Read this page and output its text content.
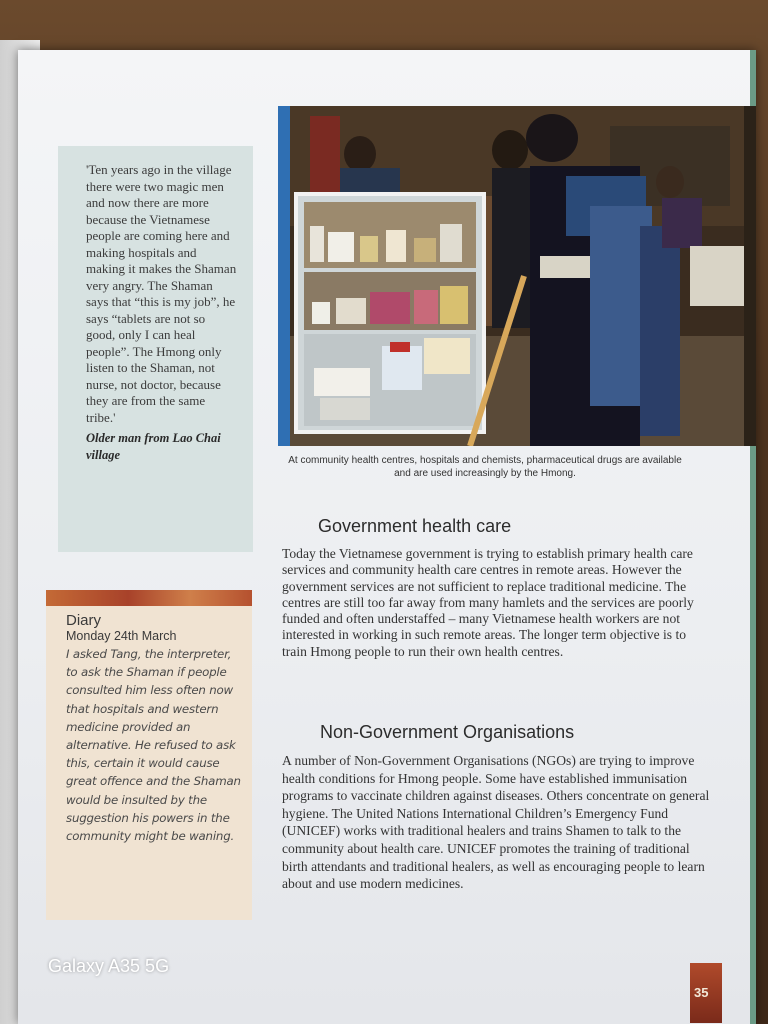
'Ten years ago in the village there were two magic men and now there are more because the Vietnamese people are coming here and making hospitals and making it makes the Shaman very angry. The Shaman says that “this is my job”, he says “tablets are not so good, only I can heal people”. The Hmong only listen to the Shaman, not nurse, not doctor, because they are from the same tribe.'

Older man from Lao Chai village
Diary
Monday 24th March

I asked Tang, the interpreter, to ask the Shaman if people consulted him less often now that hospitals and western medicine provided an alternative. He refused to ask this, certain it would cause great offence and the Shaman would be insulted by the suggestion his powers in the community might be waning.

At community health centres, hospitals and chemists, pharmaceutical drugs are available and are used increasingly by the Hmong.
Government health care

Today the Vietnamese government is trying to establish primary health care services and community health care centres in remote areas. However the government services are not sufficient to replace traditional medicine. The centres are still too far away from many hamlets and the services are poorly funded and often understaffed – many Vietnamese health workers are not interested in working in such remote areas. The longer term objective is to train Hmong people to run their own health centres.

Non-Government Organisations

A number of Non-Government Organisations (NGOs) are trying to improve health conditions for Hmong people. Some have established immunisation programs to vaccinate children against diseases. Others concentrate on general hygiene. The United Nations International Children’s Emergency Fund (UNICEF) works with traditional healers and trains Shamen to talk to the community about health care. UNICEF promotes the training of traditional birth attendants and traditional healers, as well as encouraging people to learn about and use modern medicines.

35
Galaxy A35 5G
